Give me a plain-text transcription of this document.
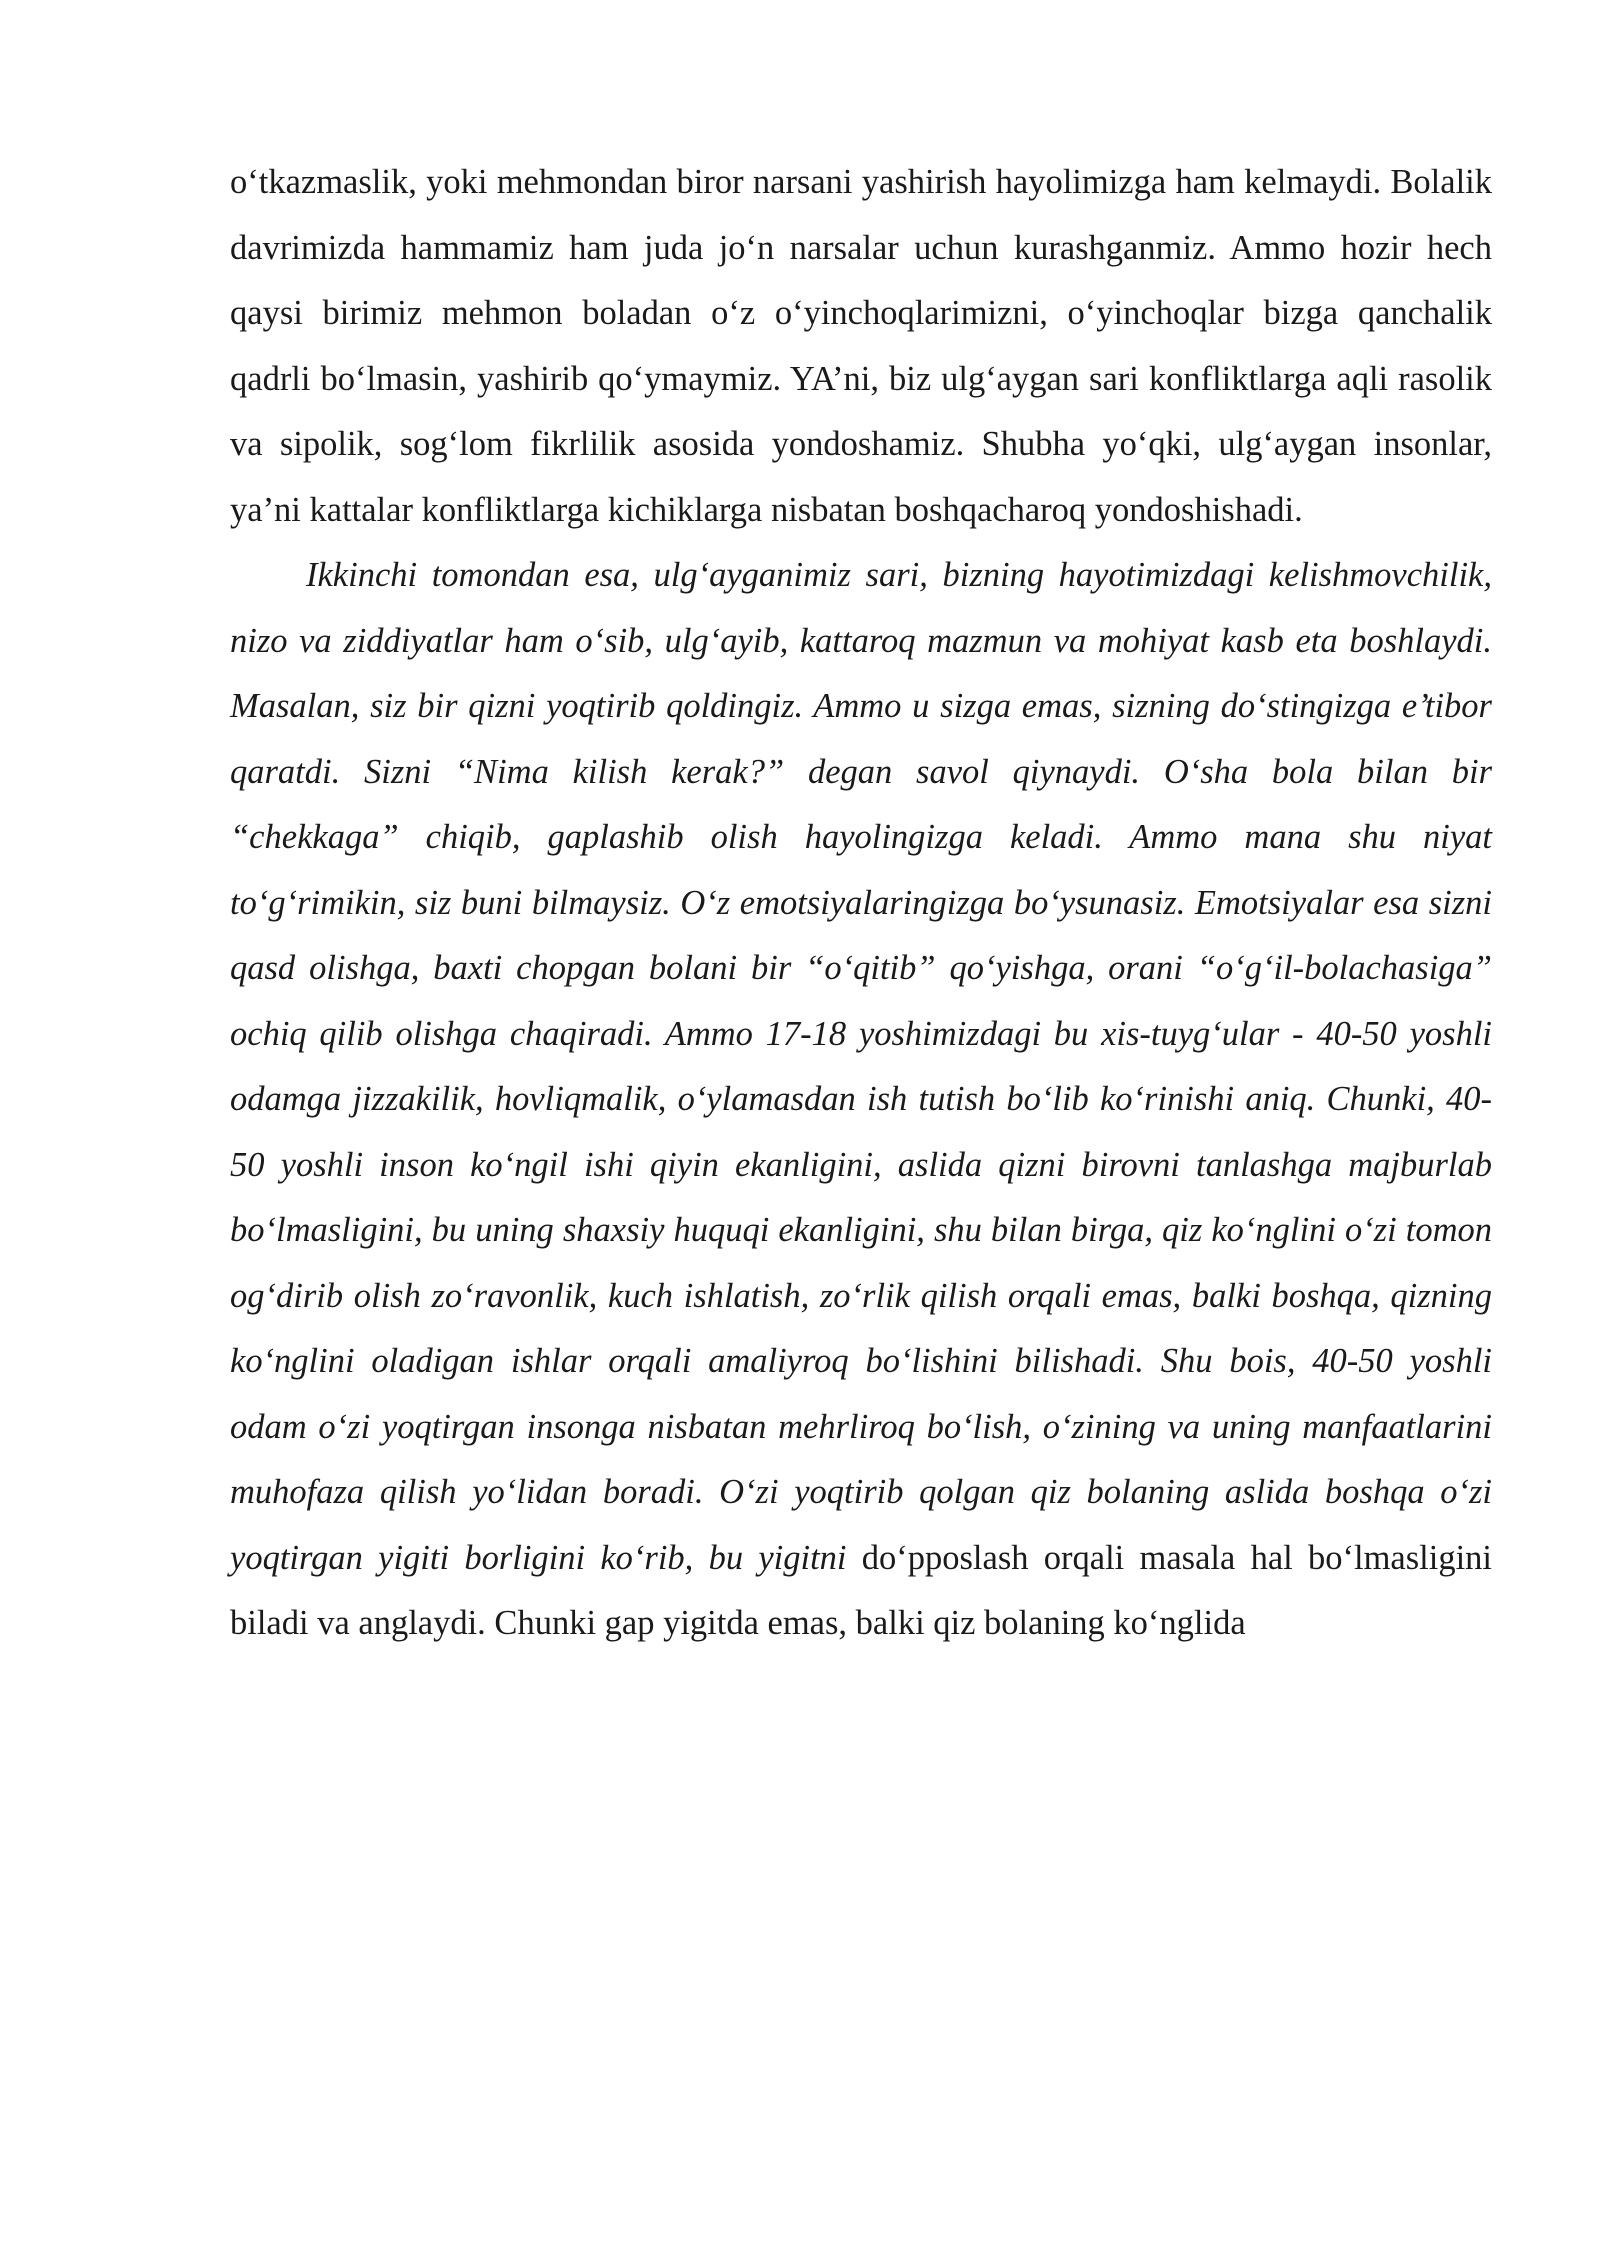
o‘tkazmaslik, yoki mehmondan biror narsani yashirish hayolimizga ham kelmaydi. Bolalik davrimizda hammamiz ham juda jo‘n narsalar uchun kurashganmiz. Ammo hozir hech qaysi birimiz mehmon boladan o‘z o‘yinchoqlarimizni, o‘yinchoqlar bizga qanchalik qadrli bo‘lmasin, yashirib qo‘ymaymiz. YA’ni, biz ulg‘aygan sari konfliktlarga aqli rasolik va sipolik, sog‘lom fikrlilik asosida yondoshamiz. Shubha yo‘qki, ulg‘aygan insonlar, ya’ni kattalar konfliktlarga kichiklarga nisbatan boshqacharoq yondoshishadi.

Ikkinchi tomondan esa, ulg‘ayganimiz sari, bizning hayotimizdagi kelishmovchilik, nizo va ziddiyatlar ham o‘sib, ulg‘ayib, kattaroq mazmun va mohiyat kasb eta boshlaydi. Masalan, siz bir qizni yoqtirib qoldingiz. Ammo u sizga emas, sizning do‘stingizga e’tibor qaratdi. Sizni “Nima kilish kerak?” degan savol qiynaydi. O‘sha bola bilan bir “chekkaga” chiqib, gaplashib olish hayolingizga keladi. Ammo mana shu niyat to‘g‘rimikin, siz buni bilmaysiz. O‘z emotsiyalaringizga bo‘ysunasiz. Emotsiyalar esa sizni qasd olishga, baxti chopgan bolani bir “o‘qitib” qo‘yishga, orani “o‘g‘il-bolachasiga” ochiq qilib olishga chaqiradi. Ammo 17-18 yoshimizdagi bu xis-tuyg‘ular - 40-50 yoshli odamga jizzakilik, hovliqmalik, o‘ylamasdan ish tutish bo‘lib ko‘rinishi aniq. Chunki, 40-50 yoshli inson ko‘ngil ishi qiyin ekanligini, aslida qizni birovni tanlashga majburlab bo‘lmasligini, bu uning shaxsiy huquqi ekanligini, shu bilan birga, qiz ko‘nglini o‘zi tomon og‘dirib olish zo‘ravonlik, kuch ishlatish, zo‘rlik qilish orqali emas, balki boshqa, qizning ko‘nglini oladigan ishlar orqali amaliyroq bo‘lishini bilishadi. Shu bois, 40-50 yoshli odam o‘zi yoqtirgan insonga nisbatan mehrliroq bo‘lish, o‘zining va uning manfaatlarini muhofaza qilish yo‘lidan boradi. O‘zi yoqtirib qolgan qiz bolaning aslida boshqa o‘zi yoqtirgan yigiti borligini ko‘rib, bu yigitni do‘pposlash orqali masala hal bo‘lmasligini biladi va anglaydi. Chunki gap yigitda emas, balki qiz bolaning ko‘nglida
